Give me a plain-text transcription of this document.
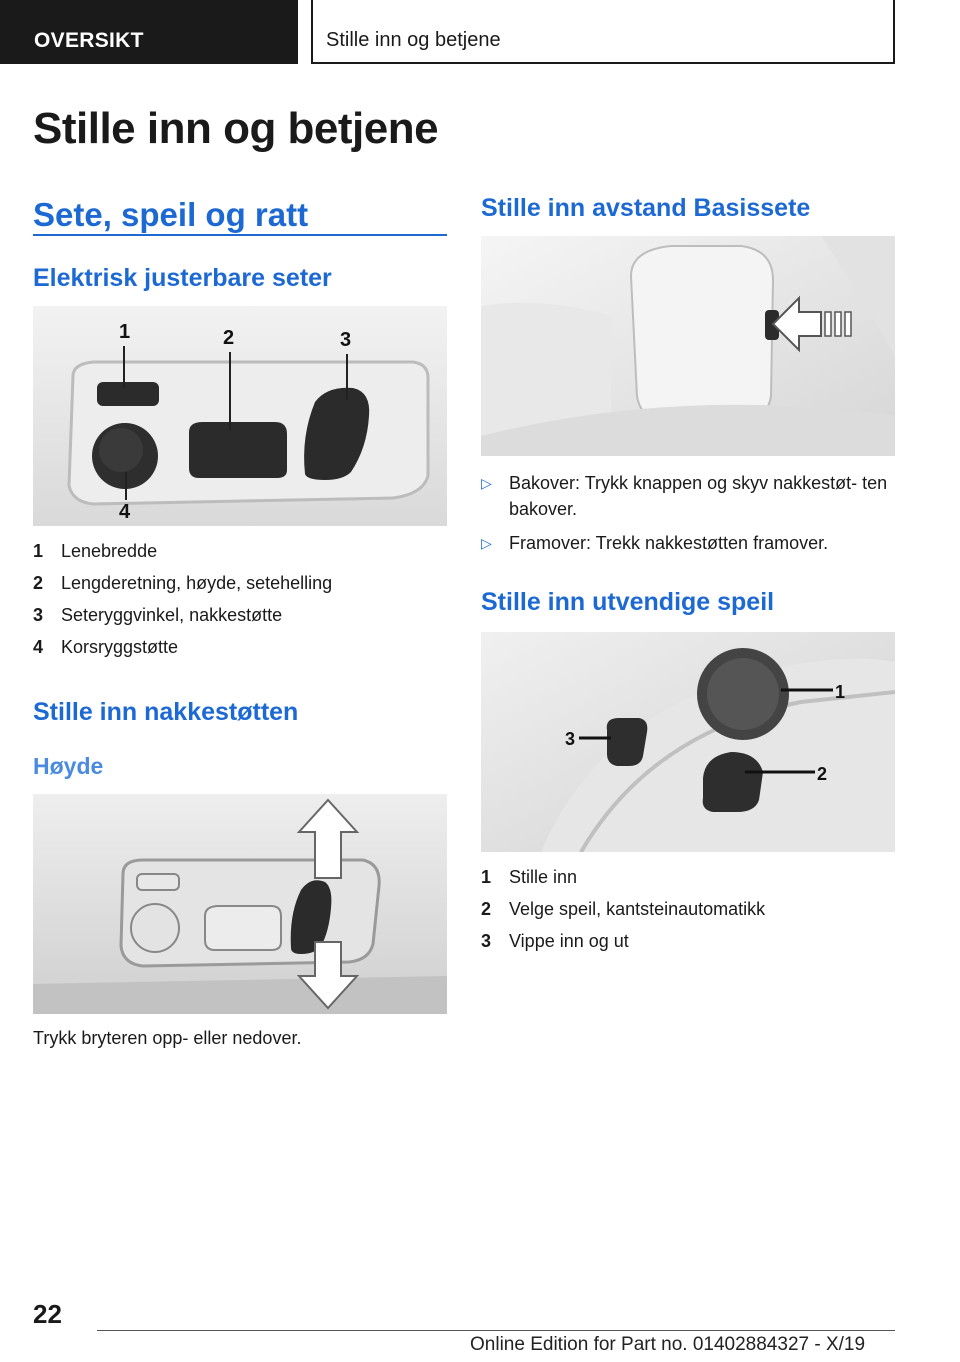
OVERSIKT	Stille inn og betjene
Stille inn og betjene
Sete, speil og ratt
Elektrisk justerbare seter
1	2	3
4
1 Lenebredde
2 Lengderetning, høyde, setehelling
3 Seteryggvinkel, nakkestøtte
4 Korsryggstøtte
Stille inn nakkestøtten
Høyde

Trykk bryteren opp- eller nedover.

Stille inn avstand Basissete
▷ Bakover: Trykk knappen og skyv nakkestøt‐ ten bakover.
▷ Framover: Trekk nakkestøtten framover.
Stille inn utvendige speil
1
2
3
1 Stille inn
2 Velge speil, kantsteinautomatikk
3 Vippe inn og ut
22
Online Edition for Part no. 01402884327 - X/19
